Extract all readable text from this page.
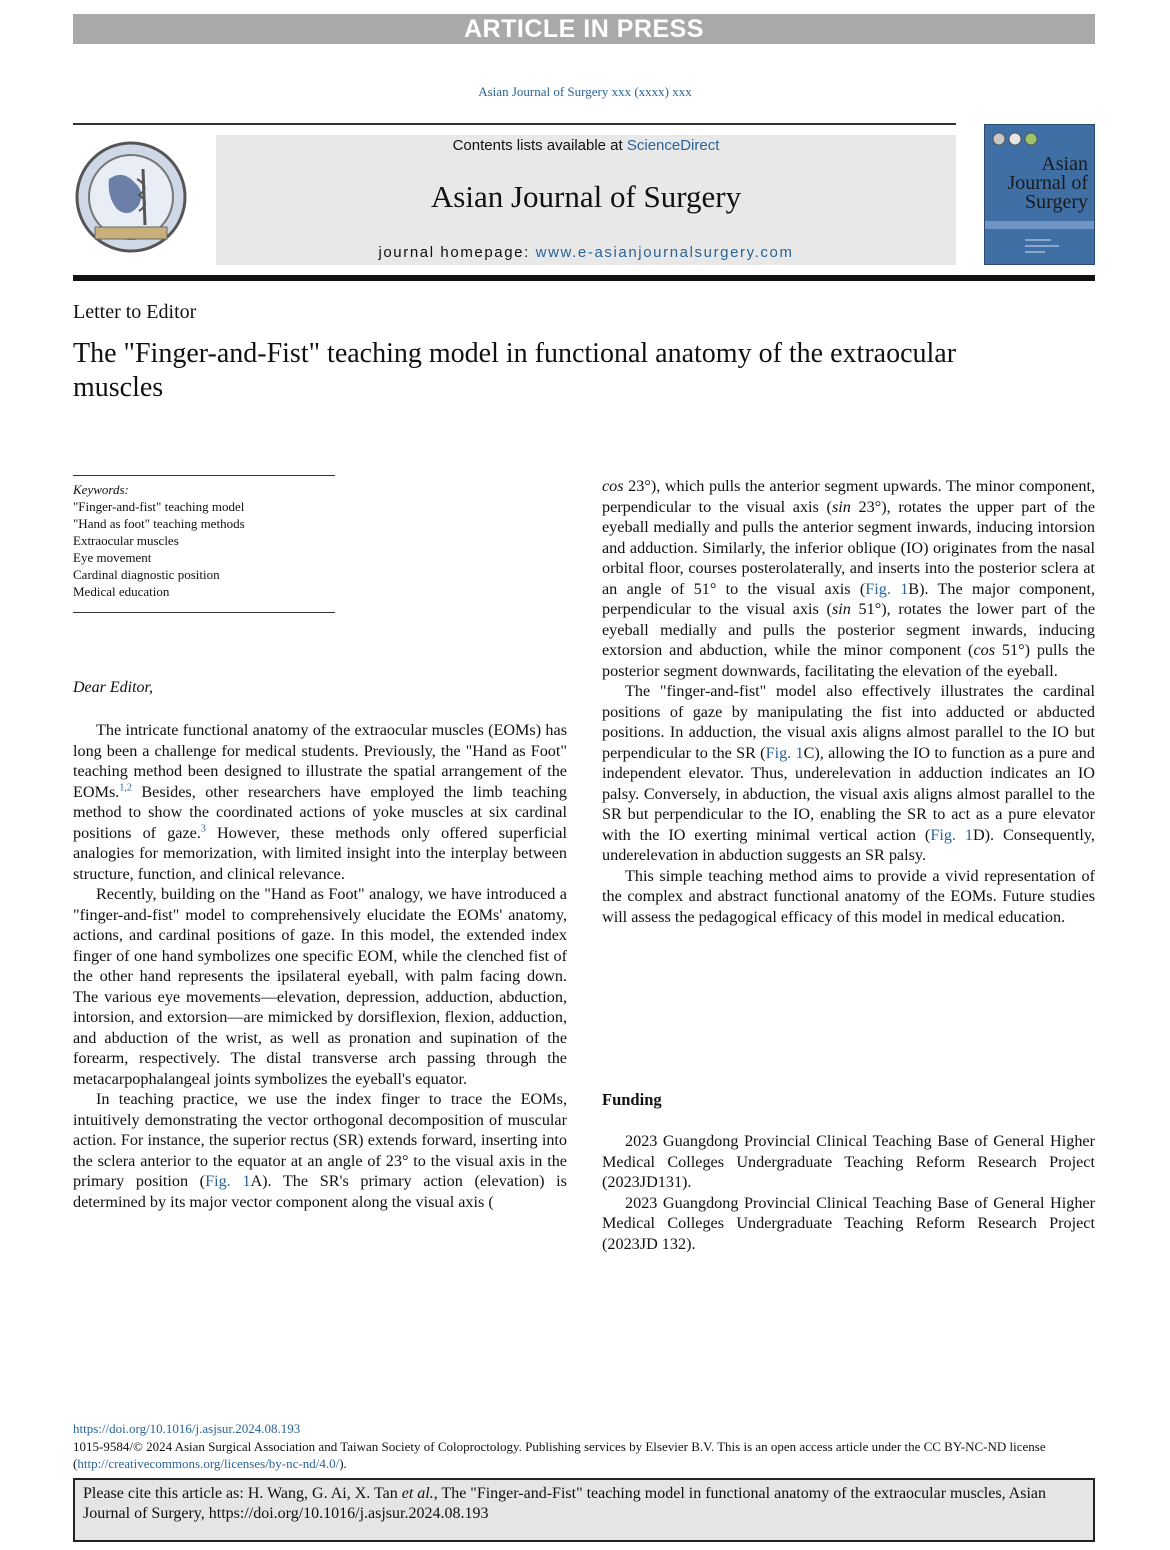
ARTICLE IN PRESS
Asian Journal of Surgery xxx (xxxx) xxx
Contents lists available at ScienceDirect
Asian Journal of Surgery
journal homepage: www.e-asianjournalsurgery.com
Asian
Journal of
Surgery
Letter to Editor
The "Finger-and-Fist" teaching model in functional anatomy of the extraocular muscles
Keywords:
"Finger-and-fist" teaching model
"Hand as foot" teaching methods
Extraocular muscles
Eye movement
Cardinal diagnostic position
Medical education
Dear Editor,

The intricate functional anatomy of the extraocular muscles (EOMs) has long been a challenge for medical students. Previously, the "Hand as Foot" teaching method been designed to illustrate the spatial arrangement of the EOMs.$^{1,2}$ Besides, other researchers have employed the limb teaching method to show the coordinated actions of yoke muscles at six cardinal positions of gaze.$^3$ However, these methods only offered superficial analogies for memorization, with limited insight into the interplay between structure, function, and clinical relevance.

Recently, building on the "Hand as Foot" analogy, we have introduced a "finger-and-fist" model to comprehensively elucidate the EOMs' anatomy, actions, and cardinal positions of gaze. In this model, the extended index finger of one hand symbolizes one specific EOM, while the clenched fist of the other hand represents the ipsilateral eyeball, with palm facing down. The various eye movements—elevation, depression, adduction, abduction, intorsion, and extorsion—are mimicked by dorsiflexion, flexion, adduction, and abduction of the wrist, as well as pronation and supination of the forearm, respectively. The distal transverse arch passing through the metacarpophalangeal joints symbolizes the eyeball's equator.

In teaching practice, we use the index finger to trace the EOMs, intuitively demonstrating the vector orthogonal decomposition of muscular action. For instance, the superior rectus (SR) extends forward, inserting into the sclera anterior to the equator at an angle of 23° to the visual axis in the primary position (Fig. 1A). The SR's primary action (elevation) is determined by its major vector component along the visual axis (

cos 23°), which pulls the anterior segment upwards. The minor component, perpendicular to the visual axis (sin 23°), rotates the upper part of the eyeball medially and pulls the anterior segment inwards, inducing intorsion and adduction. Similarly, the inferior oblique (IO) originates from the nasal orbital floor, courses posterolaterally, and inserts into the posterior sclera at an angle of 51° to the visual axis (Fig. 1B). The major component, perpendicular to the visual axis (sin 51°), rotates the lower part of the eyeball medially and pulls the posterior segment inwards, inducing extorsion and abduction, while the minor component (cos 51°) pulls the posterior segment downwards, facilitating the elevation of the eyeball.

The "finger-and-fist" model also effectively illustrates the cardinal positions of gaze by manipulating the fist into adducted or abducted positions. In adduction, the visual axis aligns almost parallel to the IO but perpendicular to the SR (Fig. 1C), allowing the IO to function as a pure and independent elevator. Thus, underelevation in adduction indicates an IO palsy. Conversely, in abduction, the visual axis aligns almost parallel to the SR but perpendicular to the IO, enabling the SR to act as a pure elevator with the IO exerting minimal vertical action (Fig. 1D). Consequently, underelevation in abduction suggests an SR palsy.

This simple teaching method aims to provide a vivid representation of the complex and abstract functional anatomy of the EOMs. Future studies will assess the pedagogical efficacy of this model in medical education.

Funding

2023 Guangdong Provincial Clinical Teaching Base of General Higher Medical Colleges Undergraduate Teaching Reform Research Project (2023JD131).

2023 Guangdong Provincial Clinical Teaching Base of General Higher Medical Colleges Undergraduate Teaching Reform Research Project (2023JD 132).

https://doi.org/10.1016/j.asjsur.2024.08.193
1015-9584/© 2024 Asian Surgical Association and Taiwan Society of Coloproctology. Publishing services by Elsevier B.V. This is an open access article under the CC BY-NC-ND license (http://creativecommons.org/licenses/by-nc-nd/4.0/).
Please cite this article as: H. Wang, G. Ai, X. Tan et al., The "Finger-and-Fist" teaching model in functional anatomy of the extraocular muscles, Asian Journal of Surgery, https://doi.org/10.1016/j.asjsur.2024.08.193
